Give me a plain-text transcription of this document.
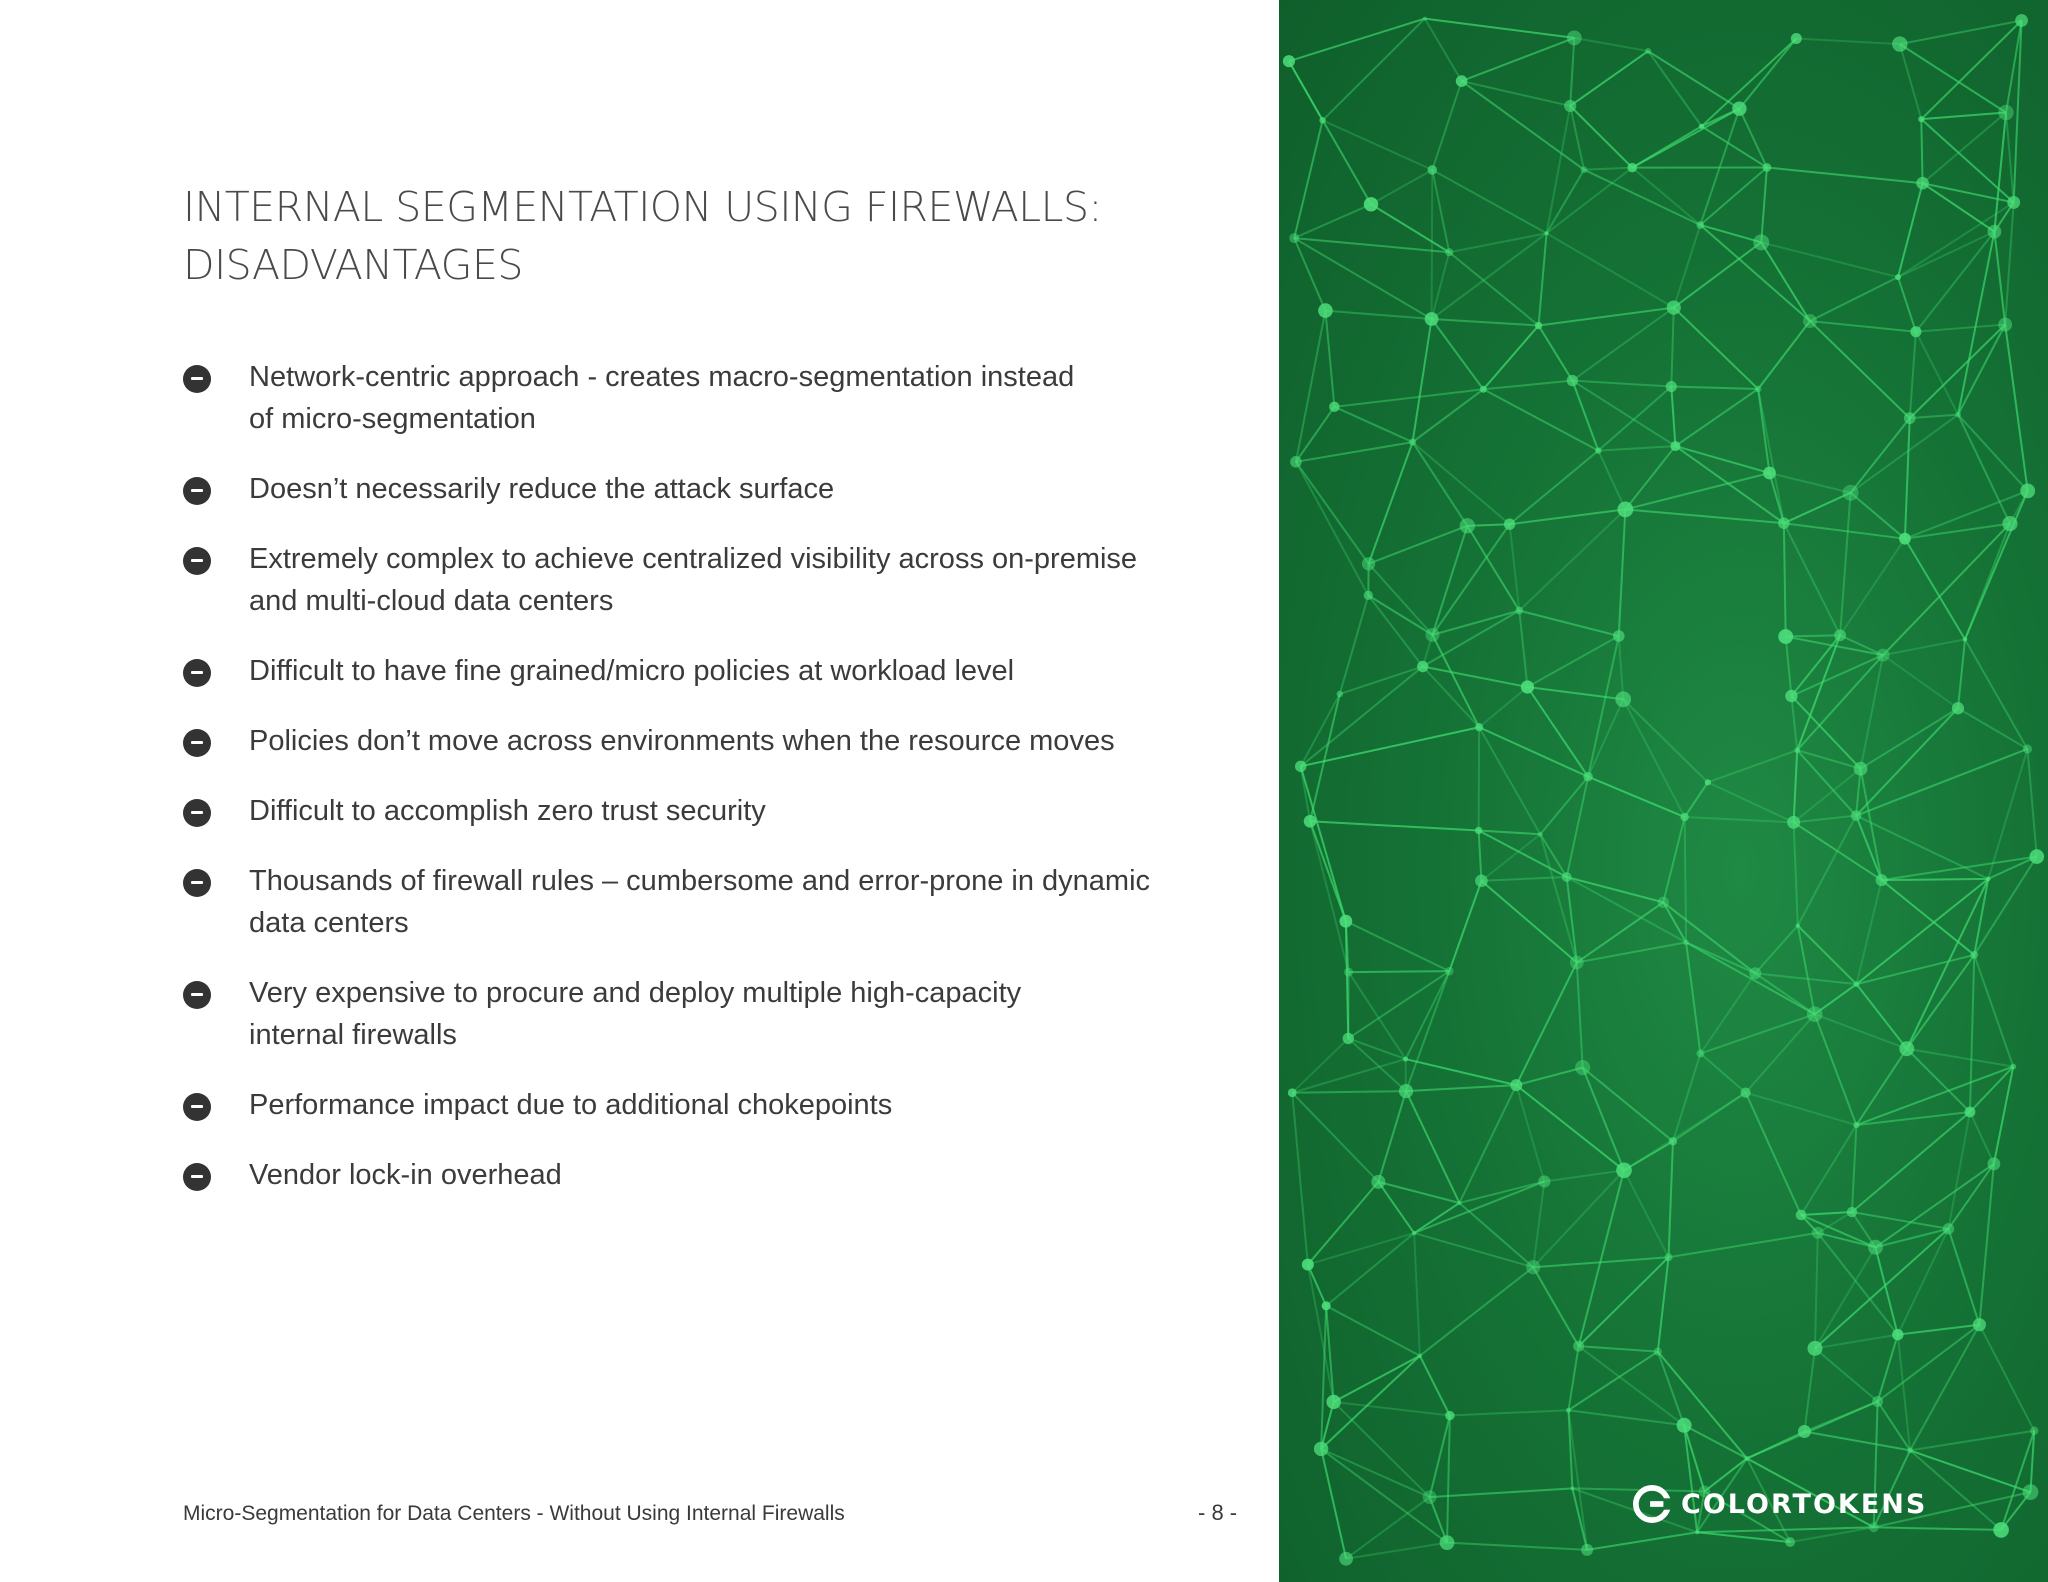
INTERNAL SEGMENTATION USING FIREWALLS:
DISADVANTAGES
Network-centric approach - creates macro-segmentation instead
of micro-segmentation
Doesn’t necessarily reduce the attack surface
Extremely complex to achieve centralized visibility across on-premise
and multi-cloud data centers
Difficult to have fine grained/micro policies at workload level
Policies don’t move across environments when the resource moves
Difficult to accomplish zero trust security
Thousands of firewall rules – cumbersome and error-prone in dynamic
data centers
Very expensive to procure and deploy multiple high-capacity
internal firewalls
Performance impact due to additional chokepoints
Vendor lock-in overhead
Micro-Segmentation for Data Centers - Without Using Internal Firewalls	- 8 -	COLORTOKENS
